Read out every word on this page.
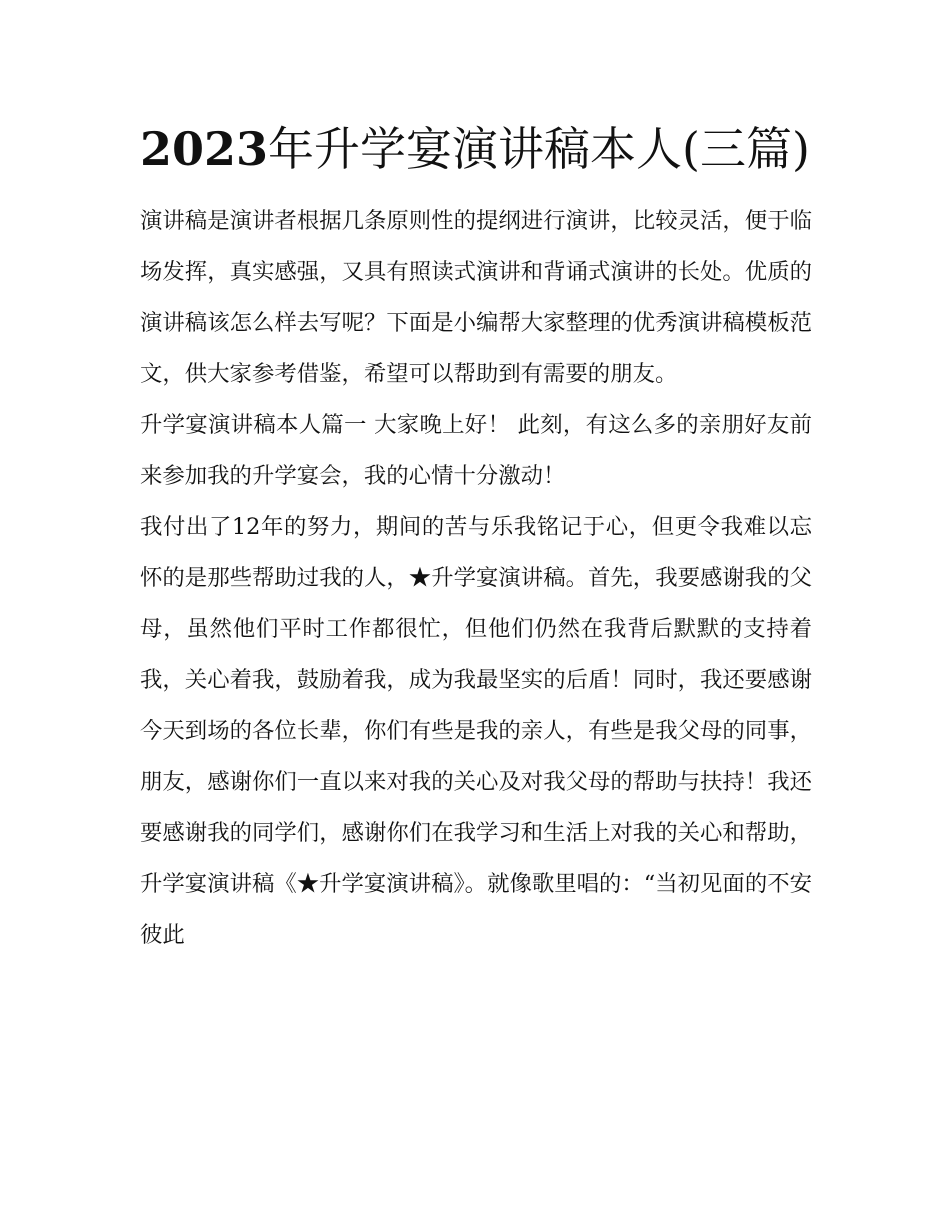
2023年升学宴演讲稿本人(三篇)

演讲稿是演讲者根据几条原则性的提纲进行演讲，比较灵活，便于临场发挥，真实感强，又具有照读式演讲和背诵式演讲的长处。优质的演讲稿该怎么样去写呢？下面是小编帮大家整理的优秀演讲稿模板范文，供大家参考借鉴，希望可以帮助到有需要的朋友。

升学宴演讲稿本人篇一 大家晚上好！ 此刻，有这么多的亲朋好友前来参加我的升学宴会，我的心情十分激动！

我付出了12年的努力，期间的苦与乐我铭记于心，但更令我难以忘怀的是那些帮助过我的人，★升学宴演讲稿。首先，我要感谢我的父母，虽然他们平时工作都很忙，但他们仍然在我背后默默的支持着我，关心着我，鼓励着我，成为我最坚实的后盾！同时，我还要感谢今天到场的各位长辈，你们有些是我的亲人，有些是我父母的同事，朋友，感谢你们一直以来对我的关心及对我父母的帮助与扶持！我还要感谢我的同学们，感谢你们在我学习和生活上对我的关心和帮助，升学宴演讲稿《★升学宴演讲稿》。就像歌里唱的：“当初见面的不安彼此
